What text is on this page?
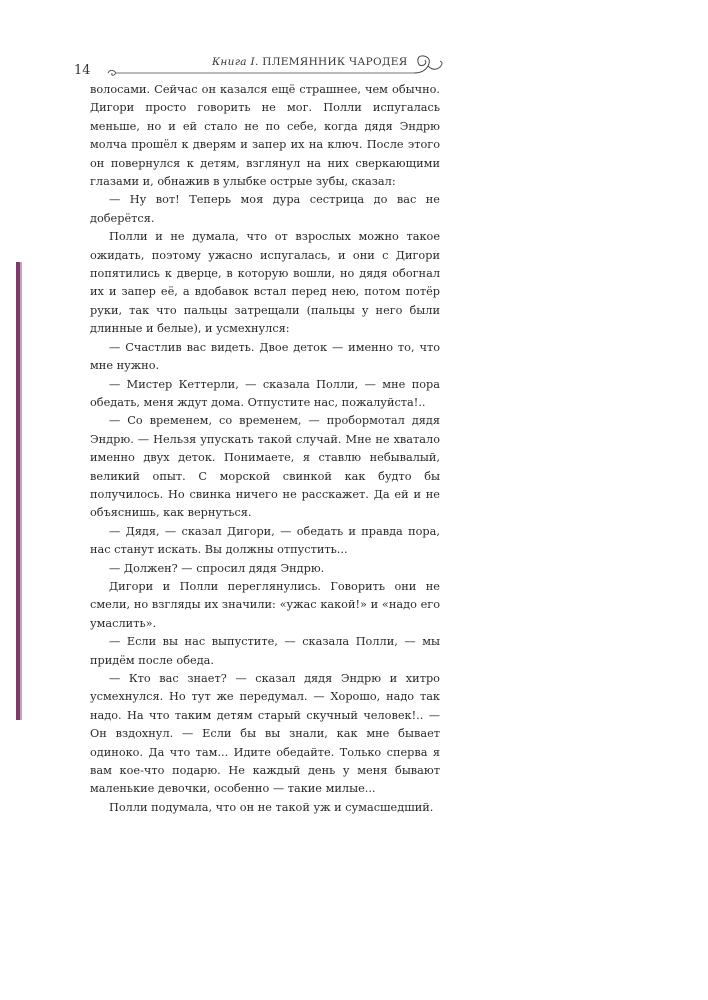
14
Книга I. ПЛЕМЯННИК ЧАРОДЕЯ

волосами. Сейчас он казался ещё страшнее, чем обычно. Дигори просто говорить не мог. Полли испугалась меньше, но и ей стало не по себе, когда дядя Эндрю молча прошёл к дверям и запер их на ключ. После этого он повернулся к детям, взглянул на них сверкающими глазами и, обнажив в улыбке острые зубы, сказал:

— Ну вот! Теперь моя дура сестрица до вас не доберётся.

Полли и не думала, что от взрослых можно такое ожидать, поэтому ужасно испугалась, и они с Дигори попятились к дверце, в которую вошли, но дядя обогнал их и запер её, а вдобавок встал перед нею, потом потёр руки, так что пальцы затрещали (пальцы у него были длинные и белые), и усмехнулся:

— Счастлив вас видеть. Двое деток — именно то, что мне нужно.

— Мистер Кеттерли, — сказала Полли, — мне пора обедать, меня ждут дома. Отпустите нас, пожалуйста!..

— Со временем, со временем, — пробормотал дядя Эндрю. — Нельзя упускать такой случай. Мне не хватало именно двух деток. Понимаете, я ставлю небывалый, великий опыт. С морской свинкой как будто бы получилось. Но свинка ничего не расскажет. Да ей и не объяснишь, как вернуться.

— Дядя, — сказал Дигори, — обедать и правда пора, нас станут искать. Вы должны отпустить...

— Должен? — спросил дядя Эндрю.

Дигори и Полли переглянулись. Говорить они не смели, но взгляды их значили: «ужас какой!» и «надо его умаслить».

— Если вы нас выпустите, — сказала Полли, — мы придём после обеда.

— Кто вас знает? — сказал дядя Эндрю и хитро усмехнулся. Но тут же передумал. — Хорошо, надо так надо. На что таким детям старый скучный человек!.. — Он вздохнул. — Если бы вы знали, как мне бывает одиноко. Да что там... Идите обедайте. Только сперва я вам кое-что подарю. Не каждый день у меня бывают маленькие девочки, особенно — такие милые...

Полли подумала, что он не такой уж и сумасшедший.
